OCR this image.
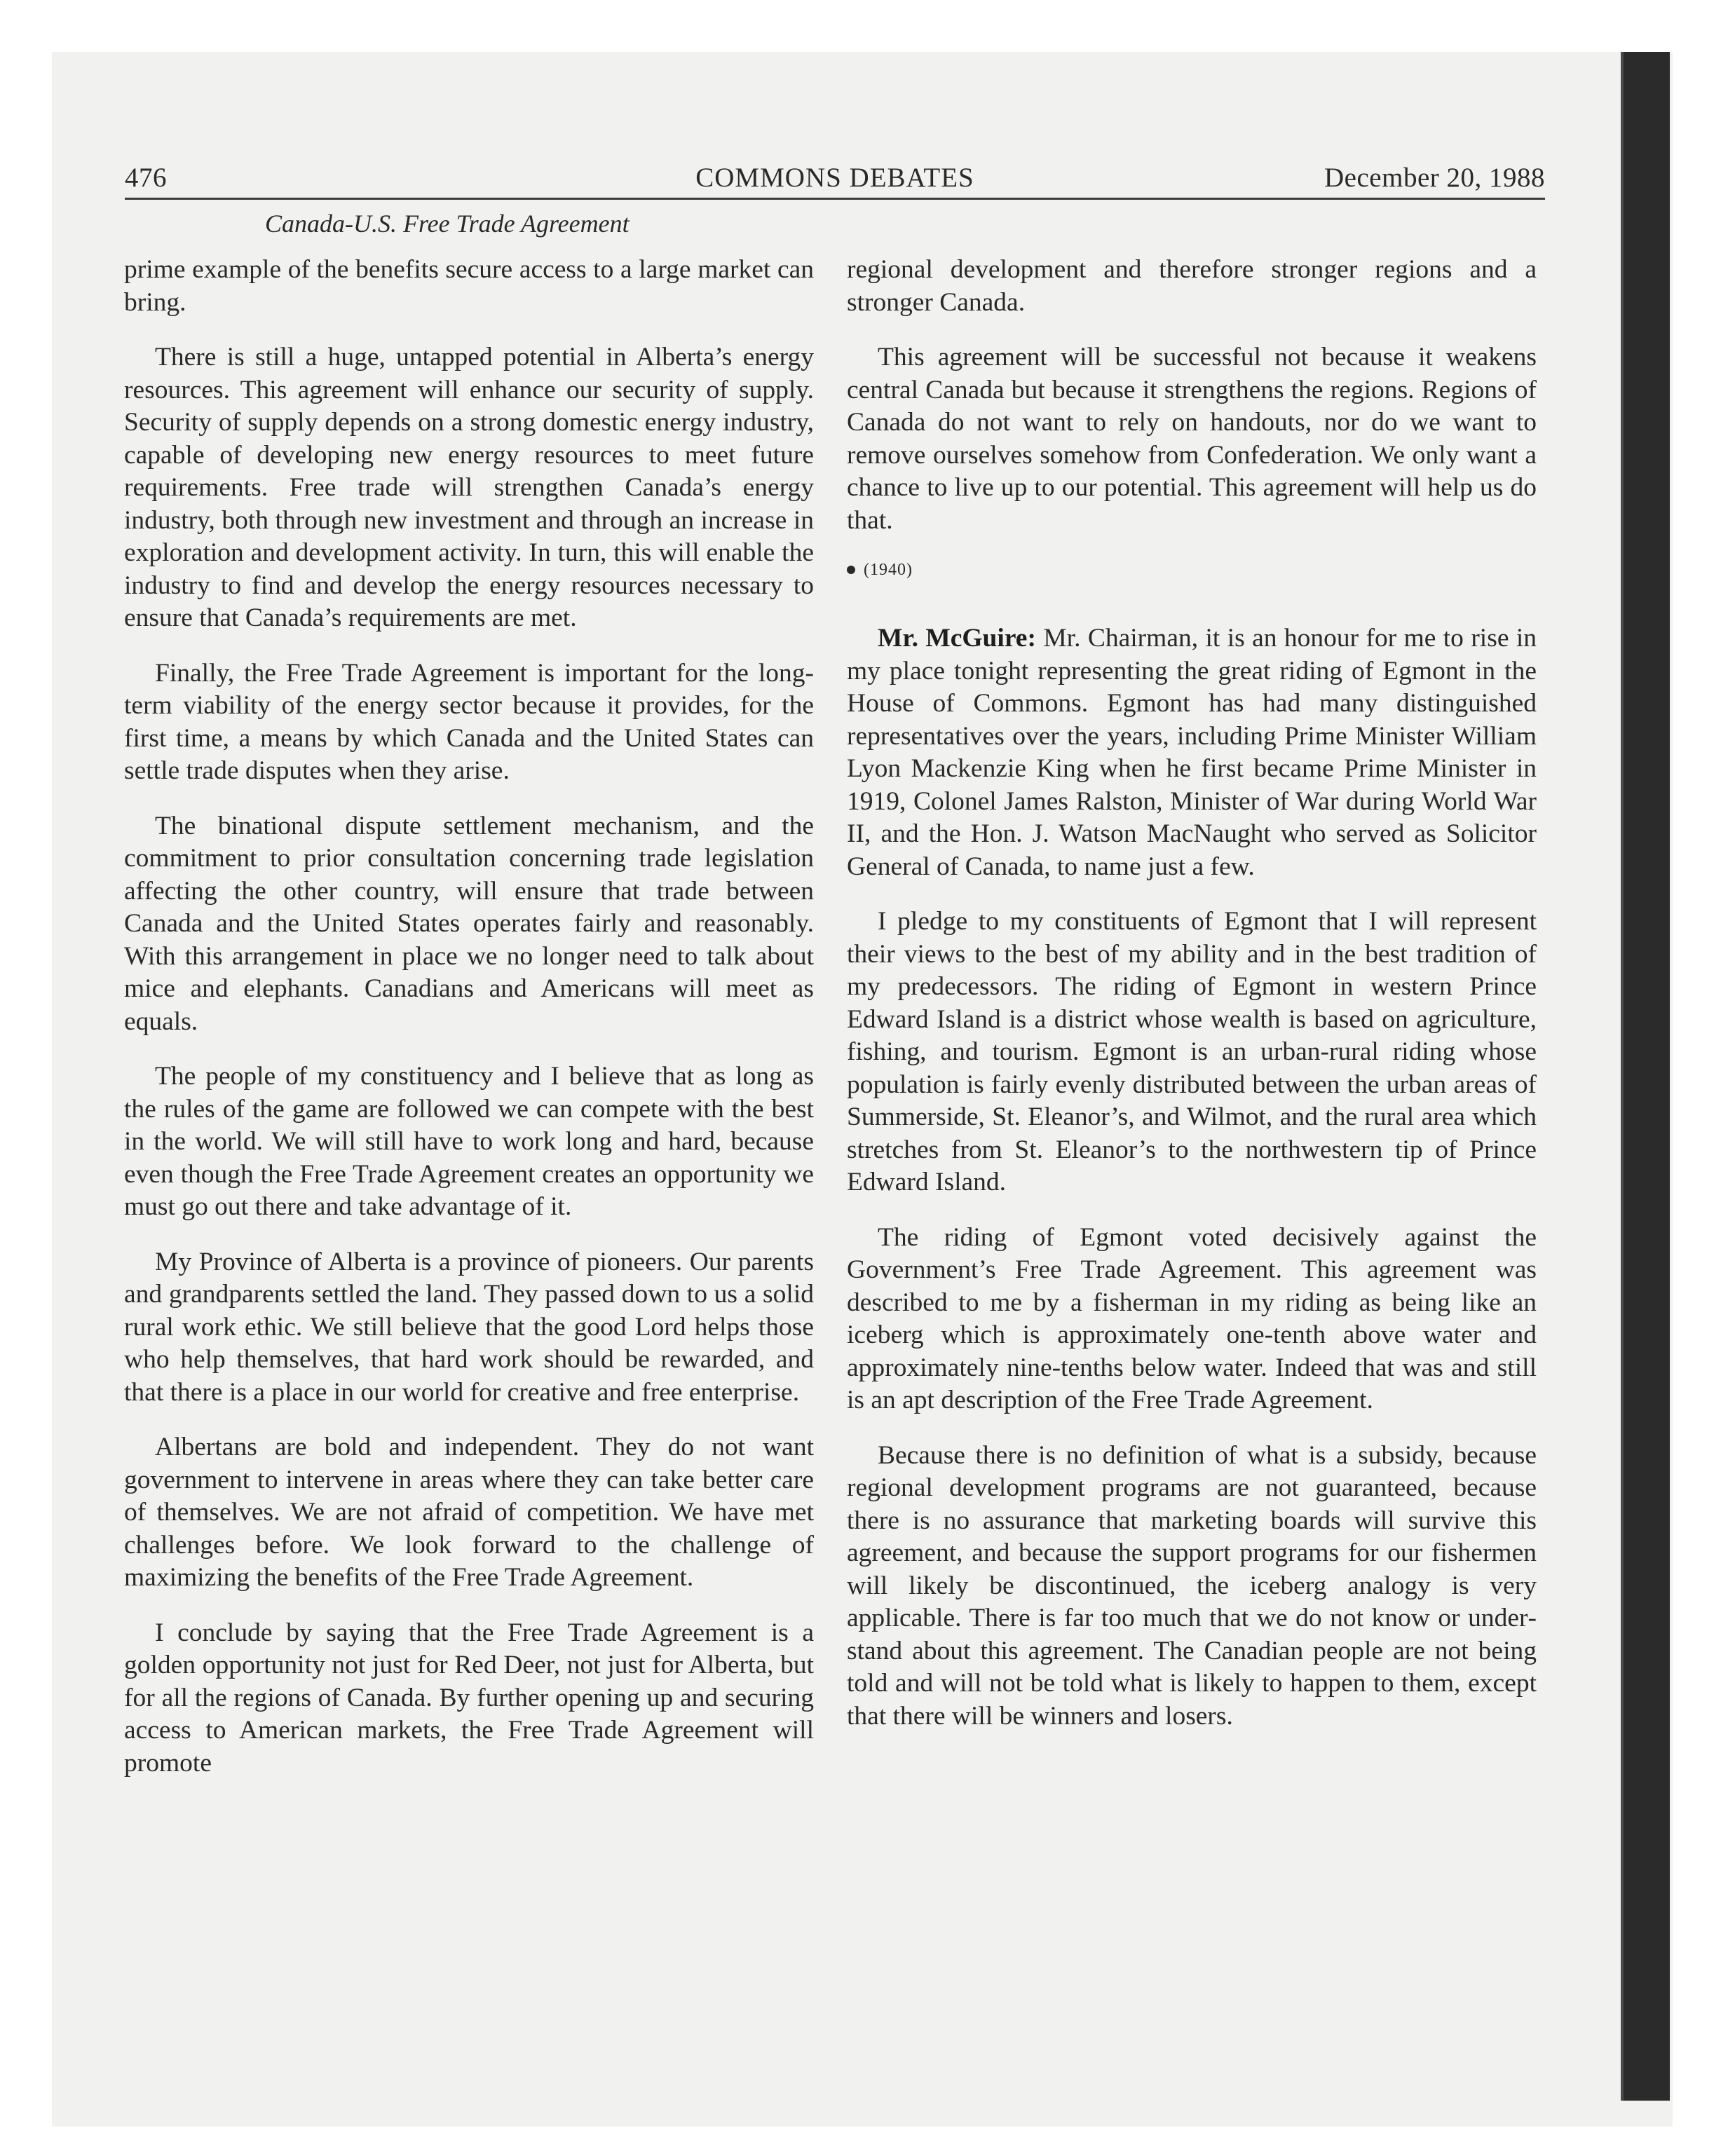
COMMONS DEBATES
476	December 20, 1988
Canada-U.S. Free Trade Agreement

prime example of the benefits secure access to a large market can bring.

There is still a huge, untapped potential in Alberta’s energy resources. This agreement will enhance our security of supply. Security of supply depends on a strong domestic energy industry, capable of developing new energy resources to meet future requirements. Free trade will strengthen Canada’s energy industry, both through new investment and through an increase in exploration and development activity. In turn, this will enable the industry to find and develop the energy resources necessary to ensure that Canada’s requirements are met.

Finally, the Free Trade Agreement is important for the long-term viability of the energy sector because it provides, for the first time, a means by which Canada and the United States can settle trade disputes when they arise.

The binational dispute settlement mechanism, and the commitment to prior consultation concerning trade legislation affecting the other country, will ensure that trade between Canada and the United States operates fairly and reasonably. With this arrangement in place we no longer need to talk about mice and elephants. Canadians and Americans will meet as equals.

The people of my constituency and I believe that as long as the rules of the game are followed we can compete with the best in the world. We will still have to work long and hard, because even though the Free Trade Agreement creates an opportunity we must go out there and take advantage of it.

My Province of Alberta is a province of pioneers. Our parents and grandparents settled the land. They passed down to us a solid rural work ethic. We still believe that the good Lord helps those who help themselves, that hard work should be rewarded, and that there is a place in our world for creative and free enterprise.

Albertans are bold and independent. They do not want government to intervene in areas where they can take better care of themselves. We are not afraid of competition. We have met challenges before. We look forward to the challenge of maximizing the benefits of the Free Trade Agreement.

I conclude by saying that the Free Trade Agreement is a golden opportunity not just for Red Deer, not just for Alberta, but for all the regions of Canada. By further opening up and securing access to American markets, the Free Trade Agreement will promote

regional development and therefore stronger regions and a stronger Canada.

This agreement will be successful not because it weakens central Canada but because it strengthens the regions. Regions of Canada do not want to rely on handouts, nor do we want to remove ourselves somehow from Confederation. We only want a chance to live up to our potential. This agreement will help us do that.

(1940)

Mr. McGuire: Mr. Chairman, it is an honour for me to rise in my place tonight representing the great riding of Egmont in the House of Commons. Egmont has had many distinguished representatives over the years, including Prime Minister William Lyon Mackenzie King when he first became Prime Minister in 1919, Colonel James Ralston, Minister of War during World War II, and the Hon. J. Watson MacNaught who served as Solicitor General of Canada, to name just a few.

I pledge to my constituents of Egmont that I will represent their views to the best of my ability and in the best tradition of my predecessors. The riding of Egmont in western Prince Edward Island is a district whose wealth is based on agriculture, fishing, and tourism. Egmont is an urban-rural riding whose population is fairly evenly distributed between the urban areas of Summerside, St. Eleanor’s, and Wilmot, and the rural area which stretches from St. Eleanor’s to the northwestern tip of Prince Edward Island.

The riding of Egmont voted decisively against the Government’s Free Trade Agreement. This agreement was described to me by a fisherman in my riding as being like an iceberg which is approximately one-tenth above water and approximately nine-tenths below water. Indeed that was and still is an apt description of the Free Trade Agreement.

Because there is no definition of what is a subsidy, because regional development programs are not guaranteed, because there is no assurance that marketing boards will survive this agreement, and because the support programs for our fishermen will likely be discontinued, the iceberg analogy is very applicable. There is far too much that we do not know or understand about this agreement. The Canadian people are not being told and will not be told what is likely to happen to them, except that there will be winners and losers.
